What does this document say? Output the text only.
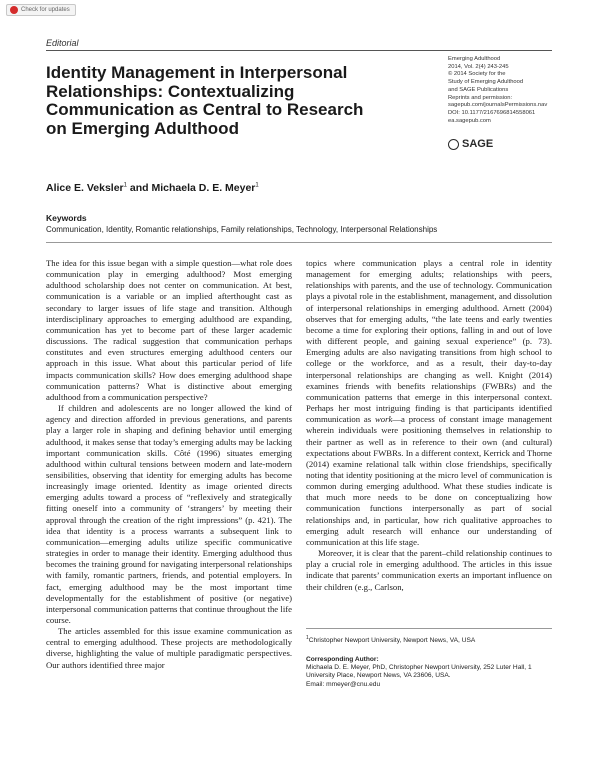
Check for updates
Editorial
Identity Management in Interpersonal Relationships: Contextualizing Communication as Central to Research on Emerging Adulthood
Emerging Adulthood
2014, Vol. 2(4) 243-245
© 2014 Society for the
Study of Emerging Adulthood
and SAGE Publications
Reprints and permission:
sagepub.com/journalsPermissions.nav
DOI: 10.1177/2167696814558061
ea.sagepub.com
SAGE
Alice E. Veksler$^1$ and Michaela D. E. Meyer$^1$
Keywords
Communication, Identity, Romantic relationships, Family relationships, Technology, Interpersonal Relationships

The idea for this issue began with a simple question—what role does communication play in emerging adulthood? Most emerging adulthood scholarship does not center on communication. At best, communication is a variable or an implied afterthought cast as secondary to larger issues of life stage and transition. Although interdisciplinary approaches to emerging adulthood are expanding, communication has yet to become part of these larger academic discussions. The radical suggestion that communication perhaps constitutes and even structures emerging adulthood centers our approach in this issue. What about this particular period of life impacts communication skills? How does emerging adulthood shape communication patterns? What is distinctive about emerging adulthood from a communication perspective?

If children and adolescents are no longer allowed the kind of agency and direction afforded in previous generations, and parents play a larger role in shaping and defining behavior until emerging adulthood, it makes sense that today’s emerging adults may be lacking important communication skills. Côté (1996) situates emerging adulthood within cultural tensions between modern and late-modern sensibilities, observing that identity for emerging adults has become increasingly image oriented. Identity as image oriented directs emerging adults toward a process of “reflexively and strategically fitting oneself into a community of ‘strangers’ by meeting their approval through the creation of the right impressions” (p. 421). The idea that identity is a process warrants a subsequent link to communication—emerging adults utilize specific communicative strategies in order to manage their identity. Emerging adulthood thus becomes the training ground for navigating interpersonal relationships with family, romantic partners, friends, and potential employers. In fact, emerging adulthood may be the most important time developmentally for the establishment of positive (or negative) interpersonal communication patterns that continue throughout the life course.

The articles assembled for this issue examine communication as central to emerging adulthood. These projects are methodologically diverse, highlighting the value of multiple paradigmatic perspectives. Our authors identified three major

topics where communication plays a central role in identity management for emerging adults; relationships with peers, relationships with parents, and the use of technology. Communication plays a pivotal role in the establishment, management, and dissolution of interpersonal relationships in emerging adulthood. Arnett (2004) observes that for emerging adults, “the late teens and early twenties become a time for exploring their options, falling in and out of love with different people, and gaining sexual experience” (p. 73). Emerging adults are also navigating transitions from high school to college or the workforce, and as a result, their day-to-day interpersonal relationships are changing as well. Knight (2014) examines friends with benefits relationships (FWBRs) and the communication patterns that emerge in this interpersonal context. Perhaps her most intriguing finding is that participants identified communication as work—a process of constant image management wherein individuals were positioning themselves in relationship to their partner as well as in reference to their own (and cultural) expectations about FWBRs. In a different context, Kerrick and Thorne (2014) examine relational talk within close friendships, specifically noting that identity positioning at the micro level of communication is common during emerging adulthood. What these studies indicate is that much more needs to be done on conceptualizing how communication functions interpersonally as part of social relationships and, in particular, how rich qualitative approaches to emerging adult research will enhance our understanding of communication at this life stage.

Moreover, it is clear that the parent–child relationship continues to play a crucial role in emerging adulthood. The articles in this issue indicate that parents’ communication exerts an important influence on their children (e.g., Carlson,

$^1$Christopher Newport University, Newport News, VA, USA
Corresponding Author:
Michaela D. E. Meyer, PhD, Christopher Newport University, 252 Luter Hall, 1
University Place, Newport News, VA 23606, USA.
Email: mmeyer@cnu.edu
